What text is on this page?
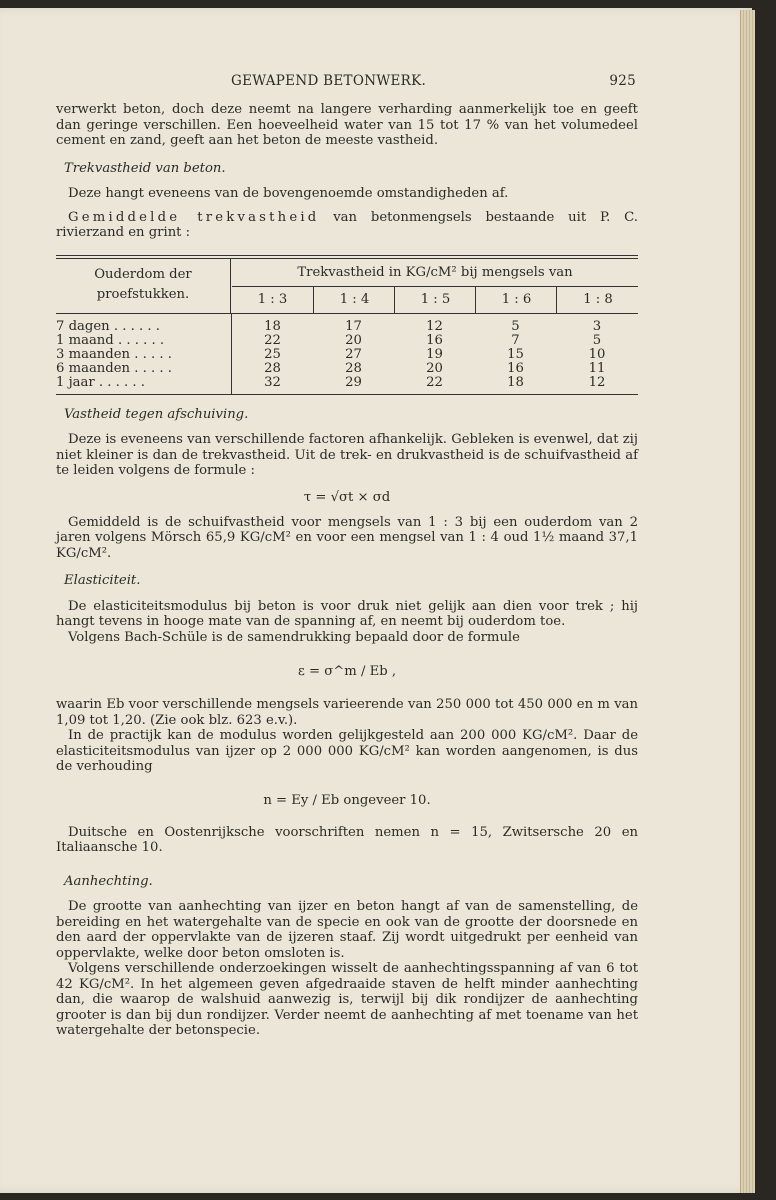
GEWAPEND BETONWERK.	925

verwerkt beton, doch deze neemt na langere verharding aanmerkelijk toe en geeft dan geringe verschillen. Een hoeveelheid water van 15 tot 17 % van het volumedeel cement en zand, geeft aan het beton de meeste vastheid.

Trekvastheid van beton.

Deze hangt eveneens van de bovengenoemde omstandigheden af.

Gemiddelde trekvastheid van betonmengsels bestaande uit P. C. rivierzand en grint :

Ouderdom der proefstukken.
Trekvastheid in KG/cM² bij mengsels van
1 : 3	1 : 4	1 : 5	1 : 6	1 : 8
7 dagen . . . . . .	18	17	12	5	3
1 maand . . . . . .	22	20	16	7	5
3 maanden . . . . .	25	27	19	15	10
6 maanden . . . . .	28	28	20	16	11
1 jaar . . . . . .	32	29	22	18	12

Vastheid tegen afschuiving.

Deze is eveneens van verschillende factoren afhankelijk. Gebleken is evenwel, dat zij niet kleiner is dan de trekvastheid. Uit de trek- en drukvastheid is de schuifvastheid af te leiden volgens de formule :

τ = √σt × σd

Gemiddeld is de schuifvastheid voor mengsels van 1 : 3 bij een ouderdom van 2 jaren volgens Mörsch 65,9 KG/cM² en voor een mengsel van 1 : 4 oud 1½ maand 37,1 KG/cM².

Elasticiteit.

De elasticiteitsmodulus bij beton is voor druk niet gelijk aan dien voor trek ; hij hangt tevens in hooge mate van de spanning af, en neemt bij ouderdom toe.

Volgens Bach-Schüle is de samendrukking bepaald door de formule

ε = σ^m / Eb ,

waarin Eb voor verschillende mengsels varieerende van 250 000 tot 450 000 en m van 1,09 tot 1,20. (Zie ook blz. 623 e.v.).

In de practijk kan de modulus worden gelijkgesteld aan 200 000 KG/cM². Daar de elasticiteitsmodulus van ijzer op 2 000 000 KG/cM² kan worden aangenomen, is dus de verhouding

n = Ey / Eb ongeveer 10.

Duitsche en Oostenrijksche voorschriften nemen n = 15, Zwitsersche 20 en Italiaansche 10.

Aanhechting.

De grootte van aanhechting van ijzer en beton hangt af van de samenstelling, de bereiding en het watergehalte van de specie en ook van de grootte der doorsnede en den aard der oppervlakte van de ijzeren staaf. Zij wordt uitgedrukt per eenheid van oppervlakte, welke door beton omsloten is.

Volgens verschillende onderzoekingen wisselt de aanhechtingsspanning af van 6 tot 42 KG/cM². In het algemeen geven afgedraaide staven de helft minder aanhechting dan, die waarop de walshuid aanwezig is, terwijl bij dik rondijzer de aanhechting grooter is dan bij dun rondijzer. Verder neemt de aanhechting af met toename van het watergehalte der betonspecie.
